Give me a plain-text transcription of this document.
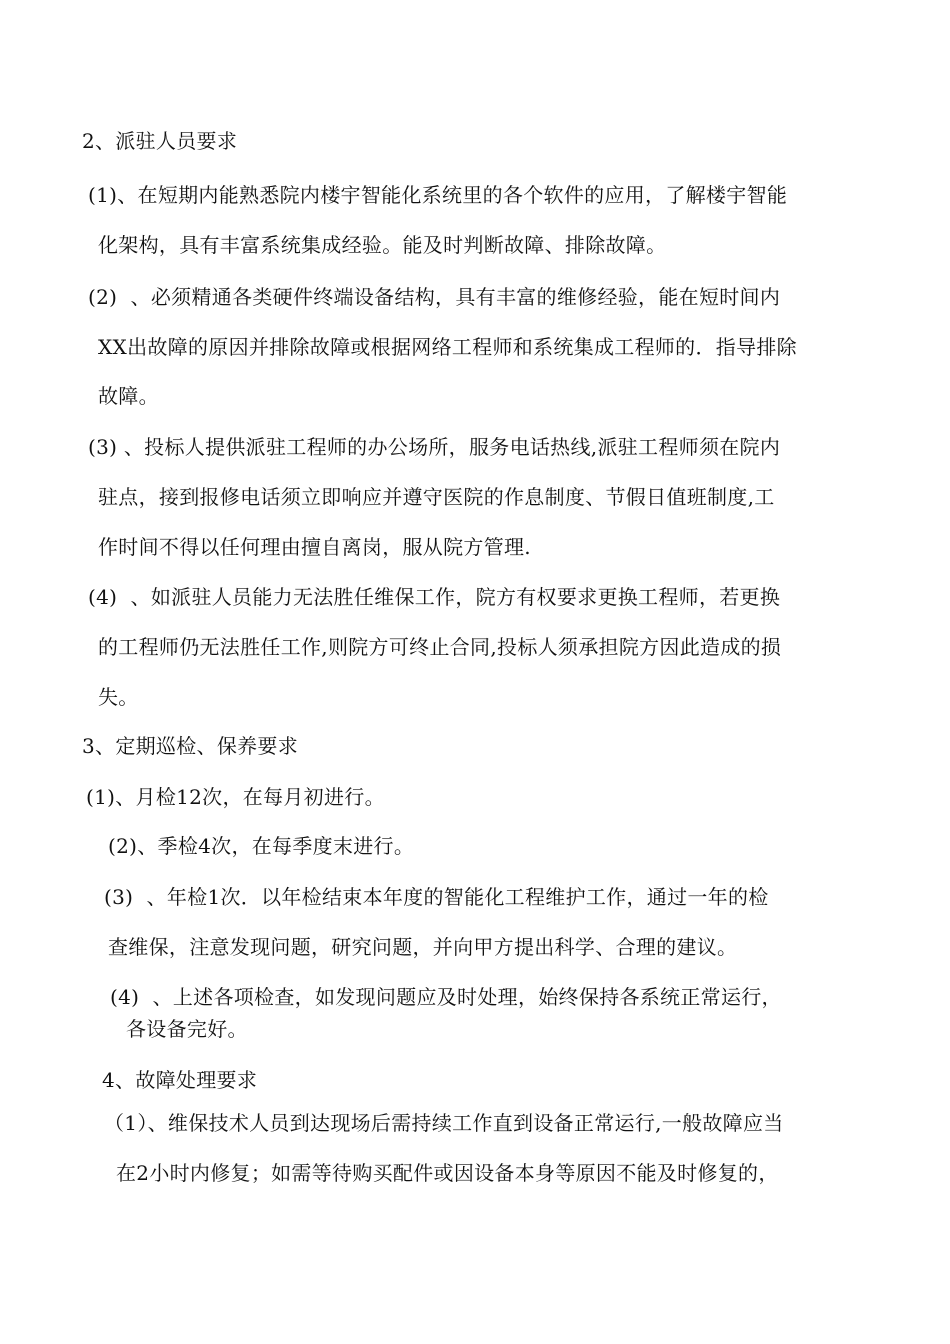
2、派驻人员要求
(1)、在短期内能熟悉院内楼宇智能化系统里的各个软件的应用，了解楼宇智能
化架构，具有丰富系统集成经验。能及时判断故障、排除故障。
(2)  、必须精通各类硬件终端设备结构，具有丰富的维修经验，能在短时间内
XX出故障的原因并排除故障或根据网络工程师和系统集成工程师的．指导排除
故障。
(3) 、投标人提供派驻工程师的办公场所，服务电话热线,派驻工程师须在院内
驻点，接到报修电话须立即响应并遵守医院的作息制度、节假日值班制度,工
作时间不得以任何理由擅自离岗，服从院方管理.
(4)  、如派驻人员能力无法胜任维保工作，院方有权要求更换工程师，若更换
的工程师仍无法胜任工作,则院方可终止合同,投标人须承担院方因此造成的损
失。
3、定期巡检、保养要求
(1)、月检12次，在每月初进行。
(2)、季检4次，在每季度末进行。
(3)  、年检1次．以年检结束本年度的智能化工程维护工作，通过一年的检
查维保，注意发现问题，研究问题，并向甲方提出科学、合理的建议。
(4)  、上述各项检查，如发现问题应及时处理，始终保持各系统正常运行，
各设备完好。
4、故障处理要求
（1）、维保技术人员到达现场后需持续工作直到设备正常运行,一般故障应当
在2小时内修复；如需等待购买配件或因设备本身等原因不能及时修复的，
